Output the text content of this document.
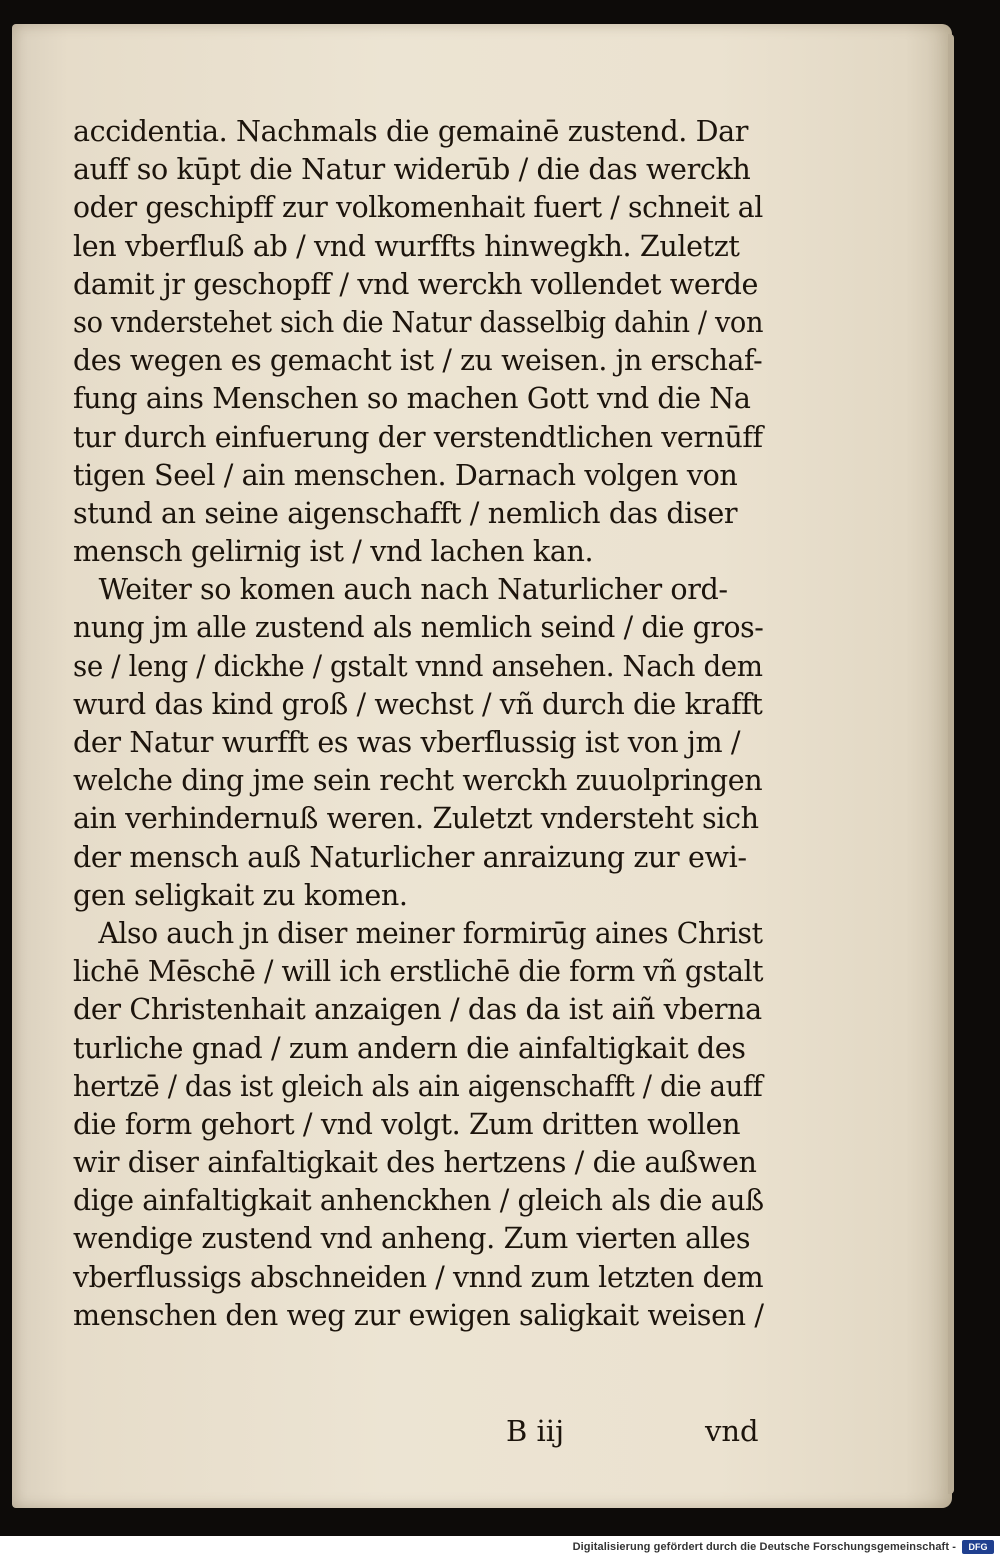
accidentia. Nachmals die gemainē zustend. Dar
auff so kūpt die Natur widerūb / die das werckh
oder geschipff zur volkomenhait fuert / schneit al
len vberfluß ab / vnd wurffts hinwegkh. Zuletzt
damit jr geschopff / vnd werckh vollendet werde
so vnderstehet sich die Natur dasselbig dahin / von
des wegen es gemacht ist / zu weisen. jn erschaf-
fung ains Menschen so machen Gott vnd die Na
tur durch einfuerung der verstendtlichen vernūff
tigen Seel / ain menschen. Darnach volgen von
stund an seine aigenschafft / nemlich das diser
mensch gelirnig ist / vnd lachen kan.
Weiter so komen auch nach Naturlicher ord-
nung jm alle zustend als nemlich seind / die gros-
se / leng / dickhe / gstalt vnnd ansehen. Nach dem
wurd das kind groß / wechst / vñ durch die krafft
der Natur wurfft es was vberflussig ist von jm /
welche ding jme sein recht werckh zuuolpringen
ain verhindernuß weren. Zuletzt vndersteht sich
der mensch auß Naturlicher anraizung zur ewi-
gen seligkait zu komen.
Also auch jn diser meiner formirūg aines Christ
lichē Mēschē / will ich erstlichē die form vñ gstalt
der Christenhait anzaigen / das da ist aiñ vberna
turliche gnad / zum andern die ainfaltigkait des
hertzē / das ist gleich als ain aigenschafft / die auff
die form gehort / vnd volgt. Zum dritten wollen
wir diser ainfaltigkait des hertzens / die außwen
dige ainfaltigkait anhenckhen / gleich als die auß
wendige zustend vnd anheng. Zum vierten alles
vberflussigs abschneiden / vnnd zum letzten dem
menschen den weg zur ewigen saligkait weisen /
B iij	vnd
Digitalisierung gefördert durch die Deutsche Forschungsgemeinschaft -	DFG
